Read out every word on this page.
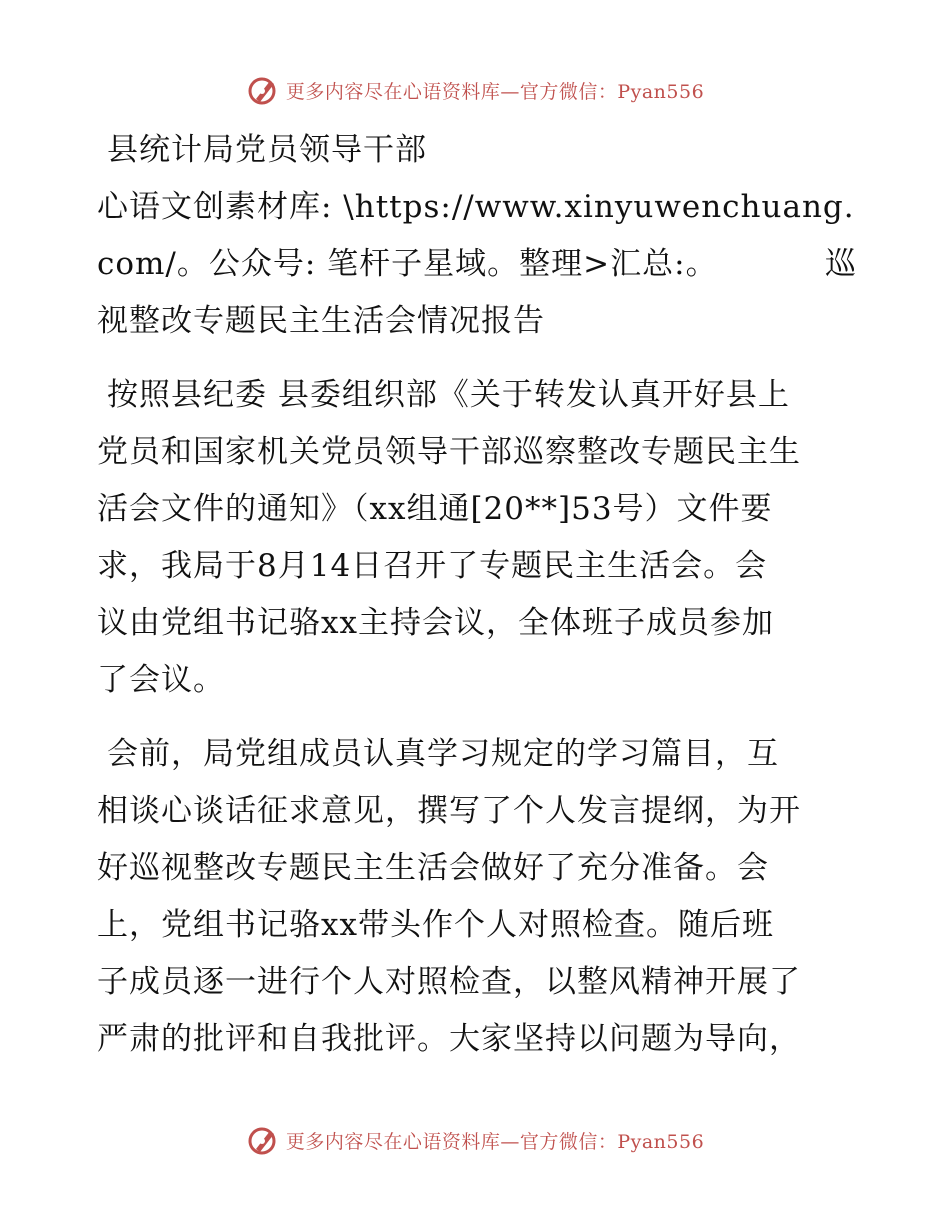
更多内容尽在心语资料库—官方微信：Pyan556
县统计局党员领导干部
心语文创素材库: \https://www.xinyuwenchuang.
com/。公众号: 笔杆子星域。整理>汇总:。	巡
视整改专题民主生活会情况报告
按照县纪委 县委组织部《关于转发认真开好县上
党员和国家机关党员领导干部巡察整改专题民主生
活会文件的通知》（xx组通[20**]53号）文件要
求，我局于8月14日召开了专题民主生活会。会
议由党组书记骆xx主持会议，全体班子成员参加
了会议。
会前，局党组成员认真学习规定的学习篇目，互
相谈心谈话征求意见，撰写了个人发言提纲，为开
好巡视整改专题民主生活会做好了充分准备。会
上，党组书记骆xx带头作个人对照检查。随后班
子成员逐一进行个人对照检查，以整风精神开展了
严肃的批评和自我批评。大家坚持以问题为导向，
更多内容尽在心语资料库—官方微信：Pyan556
